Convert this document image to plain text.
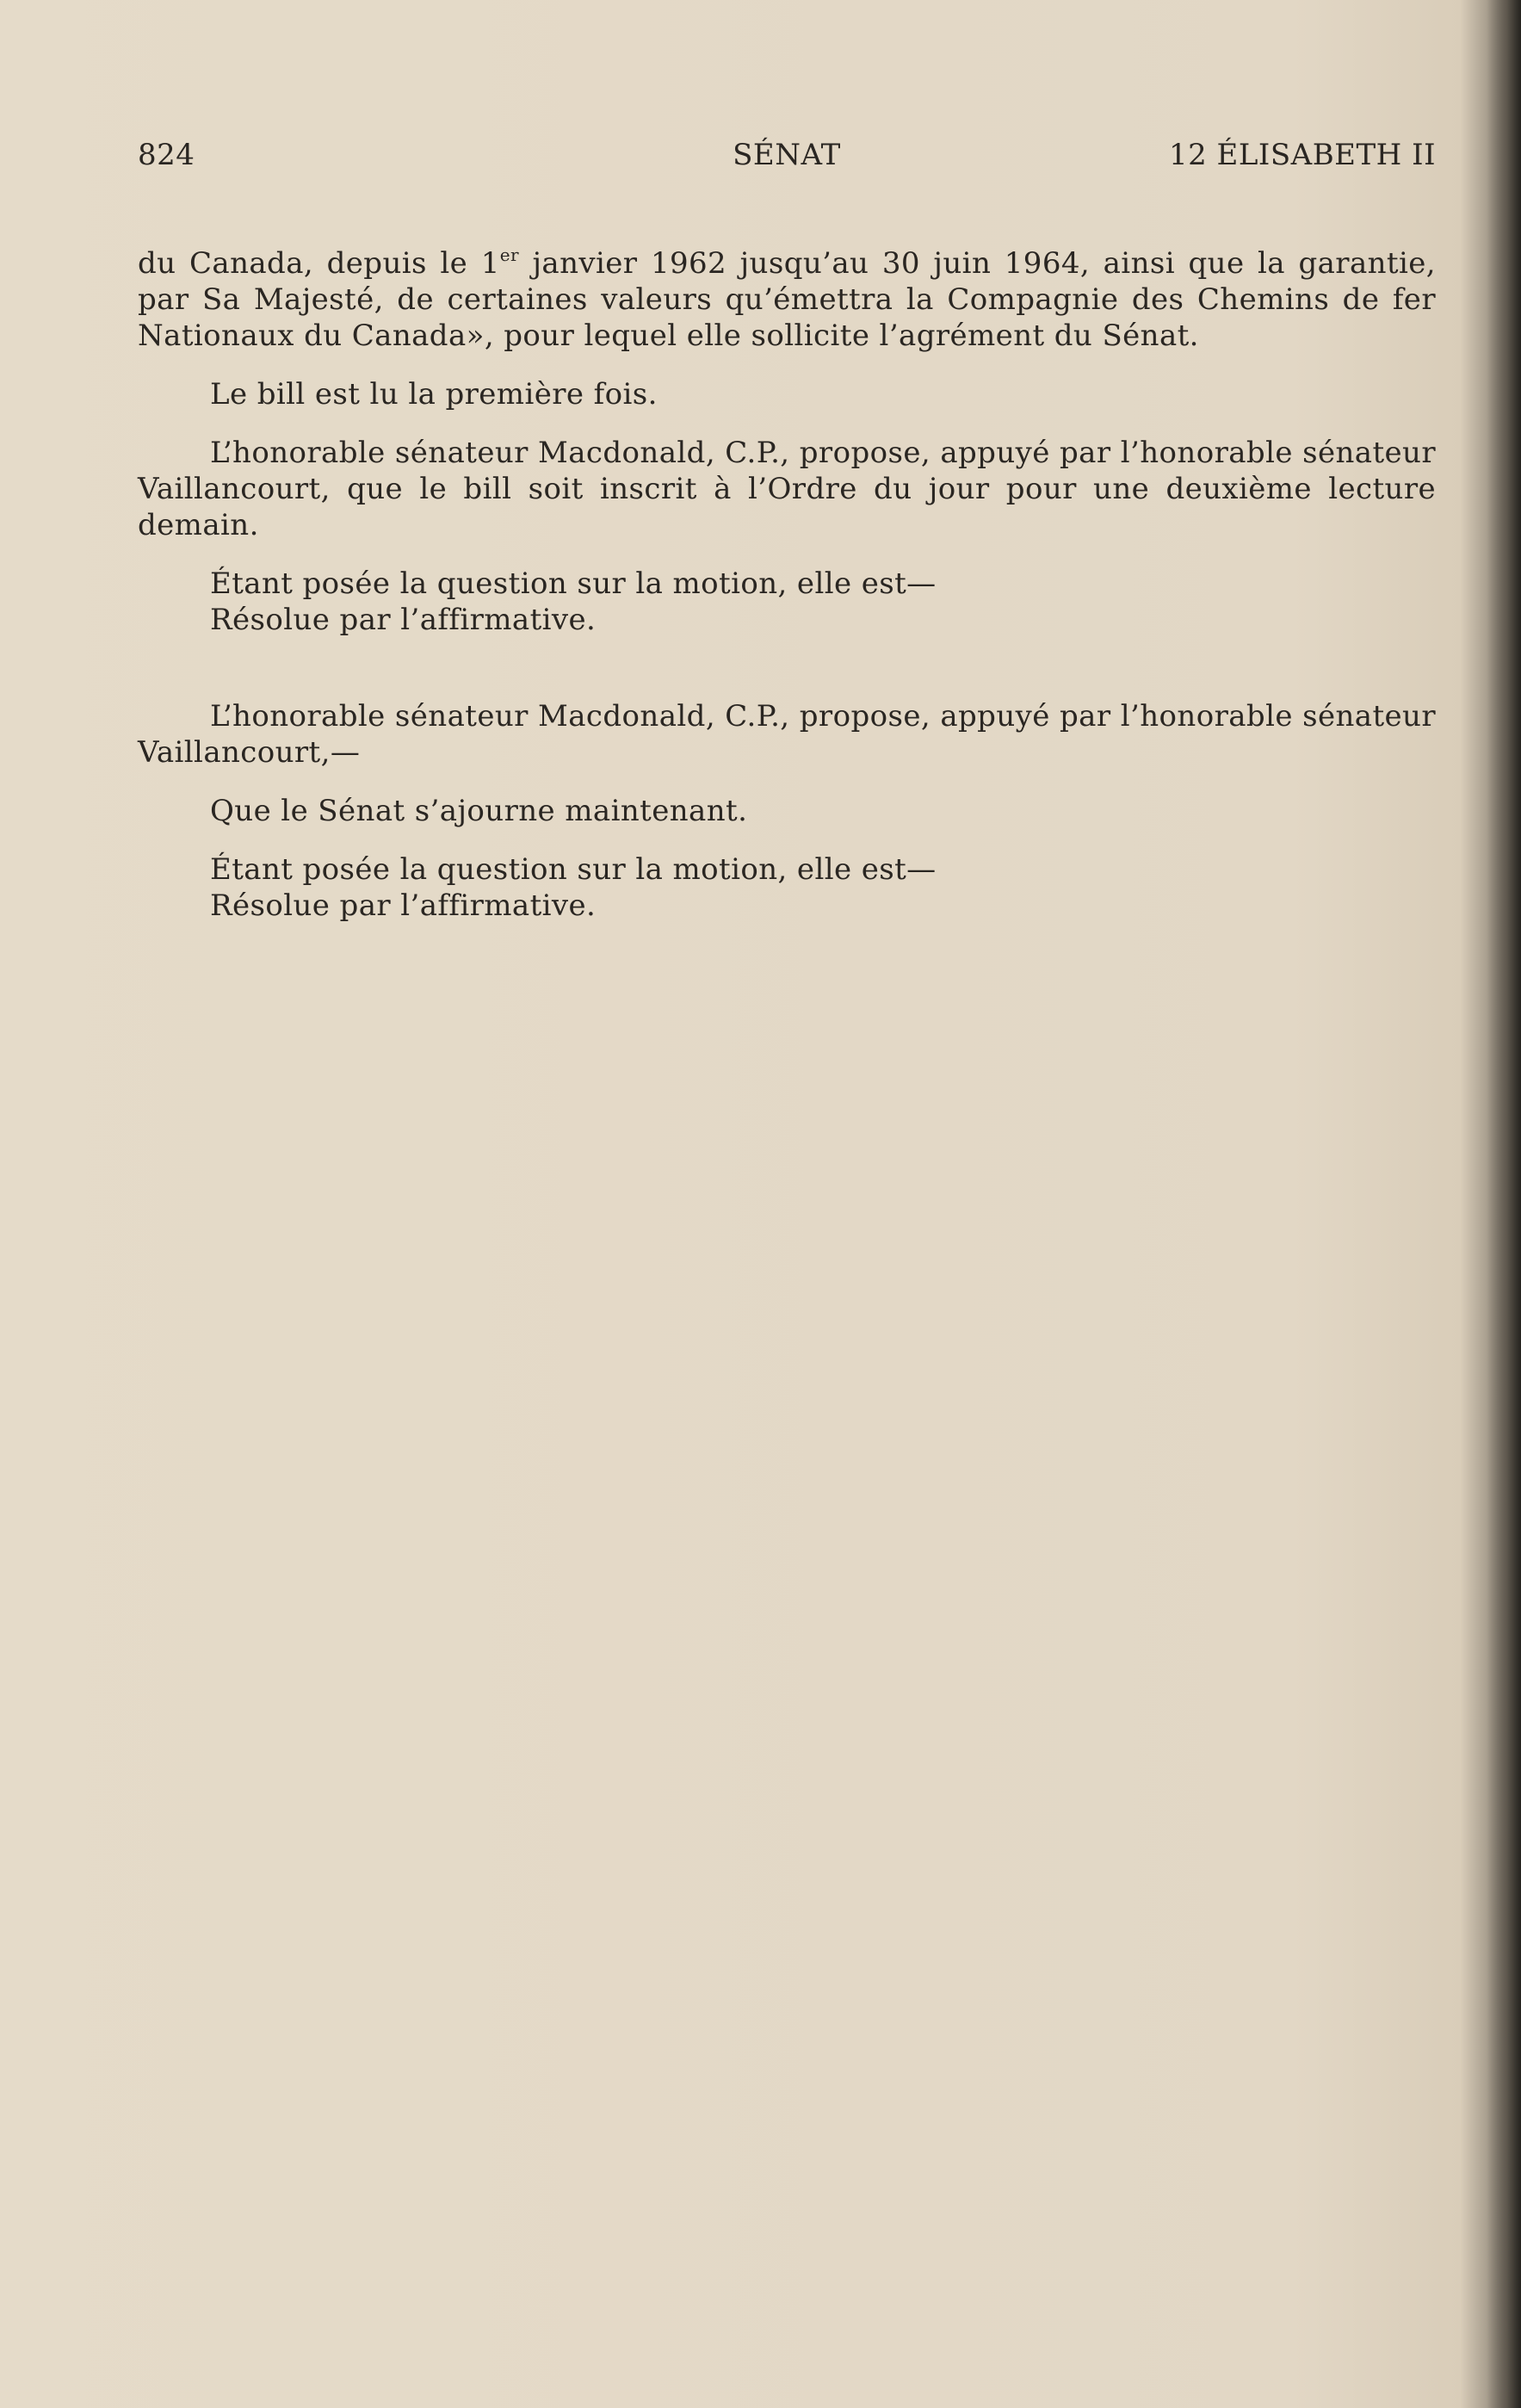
824	SÉNAT	12 ÉLISABETH II

du Canada, depuis le 1er janvier 1962 jusqu’au 30 juin 1964, ainsi que la garantie, par Sa Majesté, de certaines valeurs qu’émettra la Compagnie des Chemins de fer Nationaux du Canada», pour lequel elle sollicite l’agrément du Sénat.

Le bill est lu la première fois.

L’honorable sénateur Macdonald, C.P., propose, appuyé par l’honorable sénateur Vaillancourt, que le bill soit inscrit à l’Ordre du jour pour une deuxième lecture demain.

Étant posée la question sur la motion, elle est—

Résolue par l’affirmative.

L’honorable sénateur Macdonald, C.P., propose, appuyé par l’honorable sénateur Vaillancourt,—

Que le Sénat s’ajourne maintenant.

Étant posée la question sur la motion, elle est—

Résolue par l’affirmative.
